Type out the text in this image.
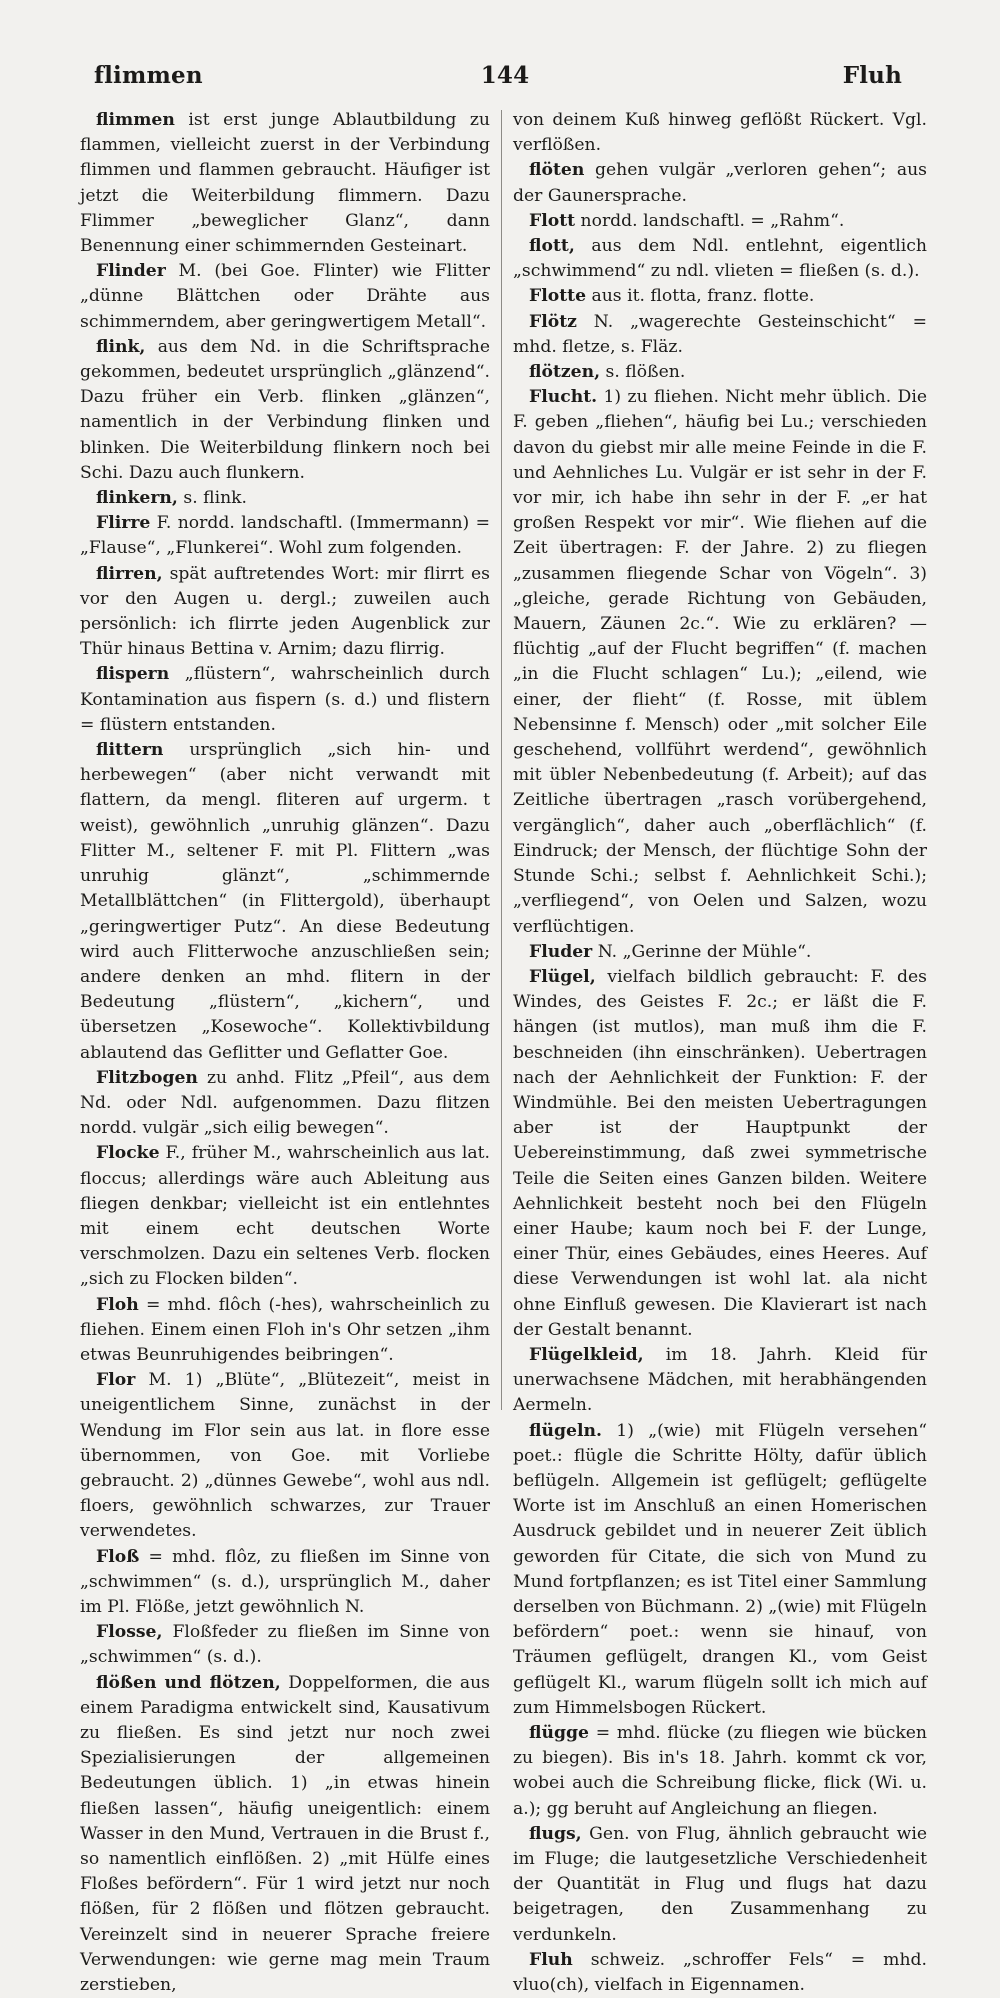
flimmen	144	Fluh

flimmen ist erst junge Ablautbildung zu flammen, vielleicht zuerst in der Verbindung flimmen und flammen gebraucht. Häufiger ist jetzt die Weiterbildung flimmern. Dazu Flimmer „beweglicher Glanz“, dann Benennung einer schimmernden Gesteinart.

Flinder M. (bei Goe. Flinter) wie Flitter „dünne Blättchen oder Drähte aus schimmerndem, aber geringwertigem Metall“.

flink, aus dem Nd. in die Schriftsprache gekommen, bedeutet ursprünglich „glänzend“. Dazu früher ein Verb. flinken „glänzen“, namentlich in der Verbindung flinken und blinken. Die Weiterbildung flinkern noch bei Schi. Dazu auch flunkern.

flinkern, s. flink.

Flirre F. nordd. landschaftl. (Immermann) = „Flause“, „Flunkerei“. Wohl zum folgenden.

flirren, spät auftretendes Wort: mir flirrt es vor den Augen u. dergl.; zuweilen auch persönlich: ich flirrte jeden Augenblick zur Thür hinaus Bettina v. Arnim; dazu flirrig.

flispern „flüstern“, wahrscheinlich durch Kontamination aus fispern (s. d.) und flistern = flüstern entstanden.

flittern ursprünglich „sich hin- und herbewegen“ (aber nicht verwandt mit flattern, da mengl. fliteren auf urgerm. t weist), gewöhnlich „unruhig glänzen“. Dazu Flitter M., seltener F. mit Pl. Flittern „was unruhig glänzt“, „schimmernde Metallblättchen“ (in Flittergold), überhaupt „geringwertiger Putz“. An diese Bedeutung wird auch Flitterwoche anzuschließen sein; andere denken an mhd. flitern in der Bedeutung „flüstern“, „kichern“, und übersetzen „Kosewoche“. Kollektivbildung ablautend das Geflitter und Geflatter Goe.

Flitzbogen zu anhd. Flitz „Pfeil“, aus dem Nd. oder Ndl. aufgenommen. Dazu flitzen nordd. vulgär „sich eilig bewegen“.

Flocke F., früher M., wahrscheinlich aus lat. floccus; allerdings wäre auch Ableitung aus fliegen denkbar; vielleicht ist ein entlehntes mit einem echt deutschen Worte verschmolzen. Dazu ein seltenes Verb. flocken „sich zu Flocken bilden“.

Floh = mhd. flôch (-hes), wahrscheinlich zu fliehen. Einem einen Floh in's Ohr setzen „ihm etwas Beunruhigendes beibringen“.

Flor M. 1) „Blüte“, „Blütezeit“, meist in uneigentlichem Sinne, zunächst in der Wendung im Flor sein aus lat. in flore esse übernommen, von Goe. mit Vorliebe gebraucht. 2) „dünnes Gewebe“, wohl aus ndl. floers, gewöhnlich schwarzes, zur Trauer verwendetes.

Floß = mhd. flôz, zu fließen im Sinne von „schwimmen“ (s. d.), ursprünglich M., daher im Pl. Flöße, jetzt gewöhnlich N.

Flosse, Floßfeder zu fließen im Sinne von „schwimmen“ (s. d.).

flößen und flötzen, Doppelformen, die aus einem Paradigma entwickelt sind, Kausativum zu fließen. Es sind jetzt nur noch zwei Spezialisierungen der allgemeinen Bedeutungen üblich. 1) „in etwas hinein fließen lassen“, häufig uneigentlich: einem Wasser in den Mund, Vertrauen in die Brust f., so namentlich einflößen. 2) „mit Hülfe eines Floßes befördern“. Für 1 wird jetzt nur noch flößen, für 2 flößen und flötzen gebraucht. Vereinzelt sind in neuerer Sprache freiere Verwendungen: wie gerne mag mein Traum zerstieben,

von deinem Kuß hinweg geflößt Rückert. Vgl. verflößen.

flöten gehen vulgär „verloren gehen“; aus der Gaunersprache.

Flott nordd. landschaftl. = „Rahm“.

flott, aus dem Ndl. entlehnt, eigentlich „schwimmend“ zu ndl. vlieten = fließen (s. d.).

Flotte aus it. flotta, franz. flotte.

Flötz N. „wagerechte Gesteinschicht“ = mhd. fletze, s. Fläz.

flötzen, s. flößen.

Flucht. 1) zu fliehen. Nicht mehr üblich. Die F. geben „fliehen“, häufig bei Lu.; verschieden davon du giebst mir alle meine Feinde in die F. und Aehnliches Lu. Vulgär er ist sehr in der F. vor mir, ich habe ihn sehr in der F. „er hat großen Respekt vor mir“. Wie fliehen auf die Zeit übertragen: F. der Jahre. 2) zu fliegen „zusammen fliegende Schar von Vögeln“. 3) „gleiche, gerade Richtung von Gebäuden, Mauern, Zäunen 2c.“. Wie zu erklären? — flüchtig „auf der Flucht begriffen“ (f. machen „in die Flucht schlagen“ Lu.); „eilend, wie einer, der flieht“ (f. Rosse, mit üblem Nebensinne f. Mensch) oder „mit solcher Eile geschehend, vollführt werdend“, gewöhnlich mit übler Nebenbedeutung (f. Arbeit); auf das Zeitliche übertragen „rasch vorübergehend, vergänglich“, daher auch „oberflächlich“ (f. Eindruck; der Mensch, der flüchtige Sohn der Stunde Schi.; selbst f. Aehnlichkeit Schi.); „verfliegend“, von Oelen und Salzen, wozu verflüchtigen.

Fluder N. „Gerinne der Mühle“.

Flügel, vielfach bildlich gebraucht: F. des Windes, des Geistes F. 2c.; er läßt die F. hängen (ist mutlos), man muß ihm die F. beschneiden (ihn einschränken). Uebertragen nach der Aehnlichkeit der Funktion: F. der Windmühle. Bei den meisten Uebertragungen aber ist der Hauptpunkt der Uebereinstimmung, daß zwei symmetrische Teile die Seiten eines Ganzen bilden. Weitere Aehnlichkeit besteht noch bei den Flügeln einer Haube; kaum noch bei F. der Lunge, einer Thür, eines Gebäudes, eines Heeres. Auf diese Verwendungen ist wohl lat. ala nicht ohne Einfluß gewesen. Die Klavierart ist nach der Gestalt benannt.

Flügelkleid, im 18. Jahrh. Kleid für unerwachsene Mädchen, mit herabhängenden Aermeln.

flügeln. 1) „(wie) mit Flügeln versehen“ poet.: flügle die Schritte Hölty, dafür üblich beflügeln. Allgemein ist geflügelt; geflügelte Worte ist im Anschluß an einen Homerischen Ausdruck gebildet und in neuerer Zeit üblich geworden für Citate, die sich von Mund zu Mund fortpflanzen; es ist Titel einer Sammlung derselben von Büchmann. 2) „(wie) mit Flügeln befördern“ poet.: wenn sie hinauf, von Träumen geflügelt, drangen Kl., vom Geist geflügelt Kl., warum flügeln sollt ich mich auf zum Himmelsbogen Rückert.

flügge = mhd. flücke (zu fliegen wie bücken zu biegen). Bis in's 18. Jahrh. kommt ck vor, wobei auch die Schreibung flicke, flick (Wi. u. a.); gg beruht auf Angleichung an fliegen.

flugs, Gen. von Flug, ähnlich gebraucht wie im Fluge; die lautgesetzliche Verschiedenheit der Quantität in Flug und flugs hat dazu beigetragen, den Zusammenhang zu verdunkeln.

Fluh schweiz. „schroffer Fels“ = mhd. vluo(ch), vielfach in Eigennamen.
